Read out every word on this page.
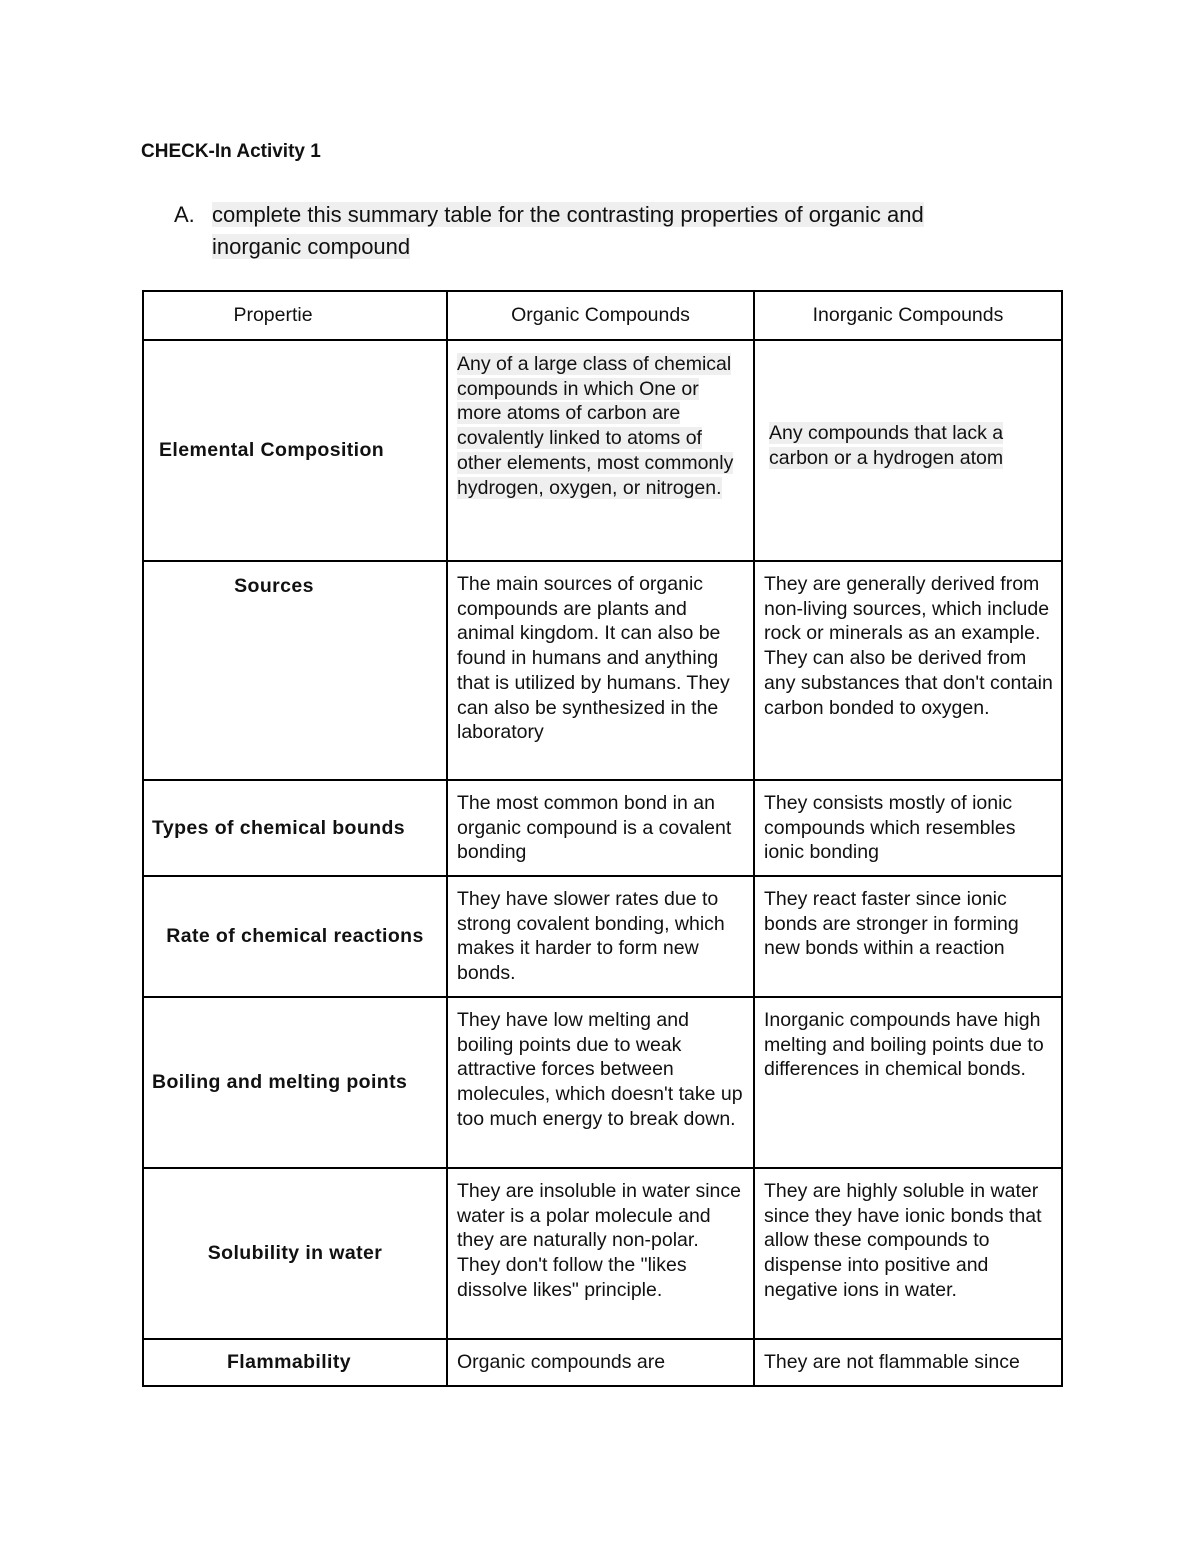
CHECK-In Activity 1
A. complete this summary table for the contrasting properties of organic and inorganic compound
Propertie	Organic Compounds	Inorganic Compounds
Elemental Composition	Any of a large class of chemical compounds in which One or more atoms of carbon are covalently linked to atoms of other elements, most commonly hydrogen, oxygen, or nitrogen.	Any compounds that lack a carbon or a hydrogen atom
Sources	The main sources of organic compounds are plants and animal kingdom. It can also be found in humans and anything that is utilized by humans. They can also be synthesized in the laboratory	They are generally derived from non-living sources, which include rock or minerals as an example. They can also be derived from any substances that don't contain carbon bonded to oxygen.
Types of chemical bounds	The most common bond in an organic compound is a covalent bonding	They consists mostly of ionic compounds which resembles ionic bonding
Rate of chemical reactions	They have slower rates due to strong covalent bonding, which makes it harder to form new bonds.	They react faster since ionic bonds are stronger in forming new bonds within a reaction
Boiling and melting points	They have low melting and boiling points due to weak attractive forces between molecules, which doesn't take up too much energy to break down.	Inorganic compounds have high melting and boiling points due to differences in chemical bonds.
Solubility in water	They are insoluble in water since water is a polar molecule and they are naturally non-polar. They don't follow the "likes dissolve likes" principle.	They are highly soluble in water since they have ionic bonds that allow these compounds to dispense into positive and negative ions in water.
Flammability	Organic compounds are	They are not flammable since
